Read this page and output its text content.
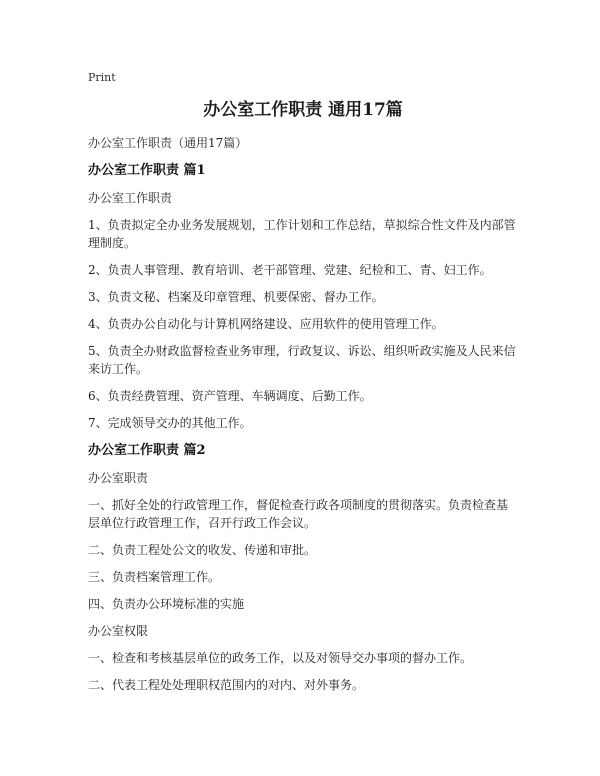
Print
办公室工作职责 通用17篇
办公室工作职责（通用17篇）
办公室工作职责 篇1
办公室工作职责
1、负责拟定全办业务发展规划，工作计划和工作总结，草拟综合性文件及内部管理制度。
2、负责人事管理、教育培训、老干部管理、党建、纪检和工、青、妇工作。
3、负责文秘、档案及印章管理、机要保密、督办工作。
4、负责办公自动化与计算机网络建设、应用软件的使用管理工作。
5、负责全办财政监督检查业务审理，行政复议、诉讼、组织听政实施及人民来信来访工作。
6、负责经费管理、资产管理、车辆调度、后勤工作。
7、完成领导交办的其他工作。
办公室工作职责 篇2
办公室职责
一、抓好全处的行政管理工作，督促检查行政各项制度的贯彻落实。负责检查基层单位行政管理工作，召开行政工作会议。
二、负责工程处公文的收发、传递和审批。
三、负责档案管理工作。
四、负责办公环境标准的实施
办公室权限
一、检查和考核基层单位的政务工作，以及对领导交办事项的督办工作。
二、代表工程处处理职权范围内的对内、对外事务。
